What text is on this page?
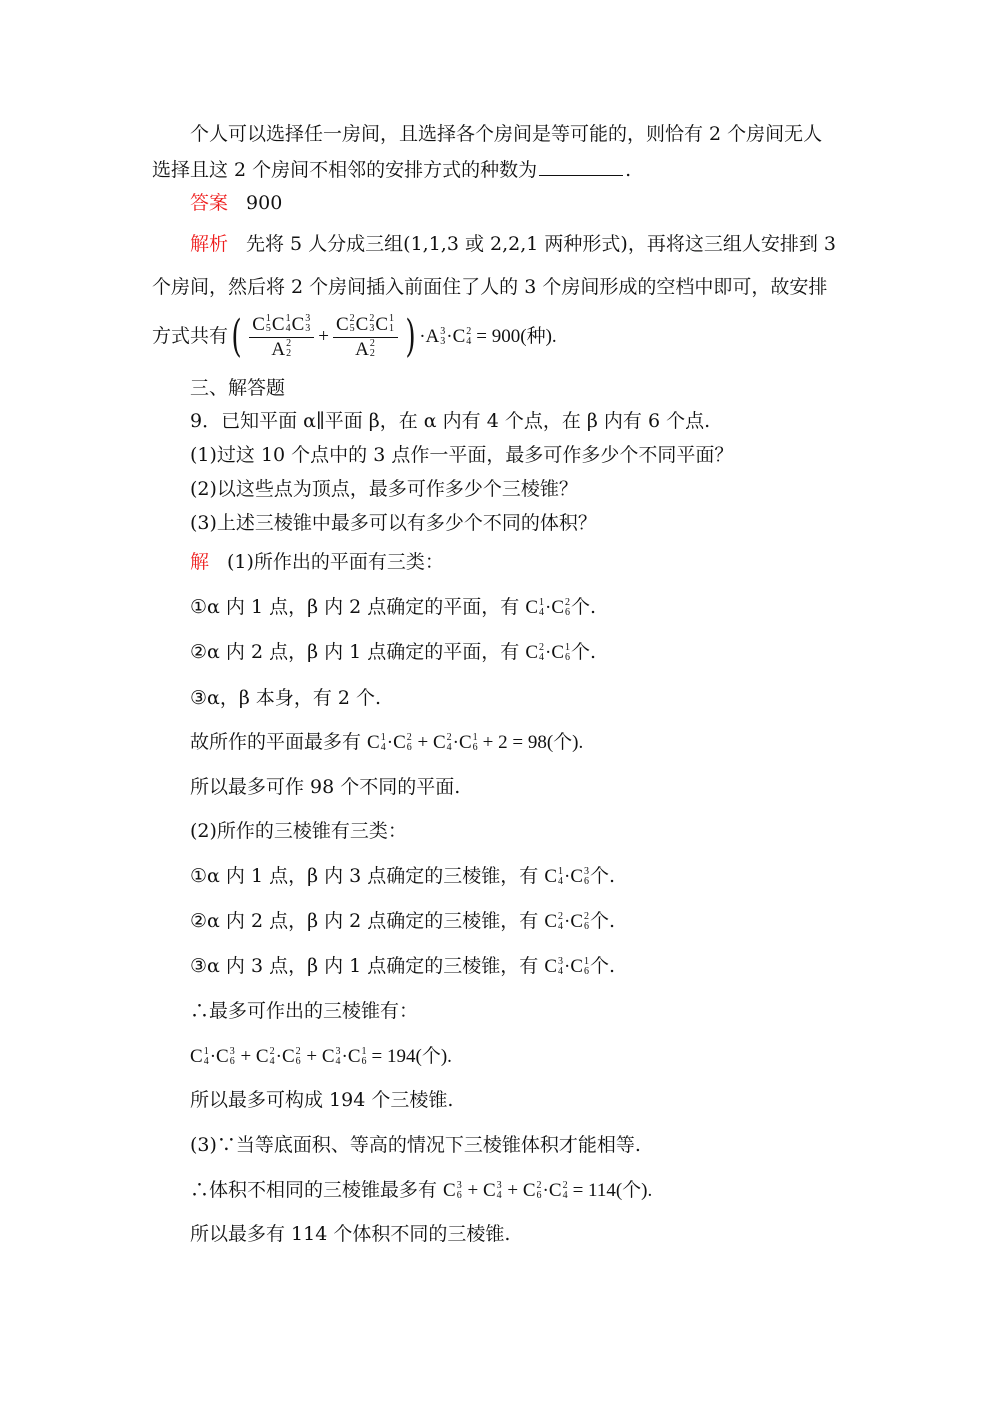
个人可以选择任一房间，且选择各个房间是等可能的，则恰有 2 个房间无人
选择且这 2 个房间不相邻的安排方式的种数为	.
答案 900
解析 先将 5 人分成三组(1,1,3 或 2,2,1 两种形式)，再将这三组人安排到 3
个房间，然后将 2 个房间插入前面住了人的 3 个房间形成的空档中即可，故安排
方式共有( C 1
5 C 1
4 C 3
3
A 2
2 + C 2
5 C 2
3 C 1
1
A 2
2 ) ·A 3
3 ·C 2
4 = 900(种).
三、解答题
9．已知平面 α∥平面 β，在 α 内有 4 个点，在 β 内有 6 个点.
(1)过这 10 个点中的 3 点作一平面，最多可作多少个不同平面？
(2)以这些点为顶点，最多可作多少个三棱锥？
(3)上述三棱锥中最多可以有多少个不同的体积？
解 (1)所作出的平面有三类：
①α 内 1 点，β 内 2 点确定的平面，有 C 1
4 ·C 2
6 个.
②α 内 2 点，β 内 1 点确定的平面，有 C 2
4 ·C 1
6 个.
③α，β 本身，有 2 个.
故所作的平面最多有 C 1
4 ·C 2
6 + C 2
4 ·C 1
6 + 2 = 98(个).
所以最多可作 98 个不同的平面.
(2)所作的三棱锥有三类：
①α 内 1 点，β 内 3 点确定的三棱锥，有 C 1
4 ·C 3
6 个.
②α 内 2 点，β 内 2 点确定的三棱锥，有 C 2
4 ·C 2
6 个.
③α 内 3 点，β 内 1 点确定的三棱锥，有 C 3
4 ·C 1
6 个.
∴最多可作出的三棱锥有：
C 1
4 ·C 3
6 + C 2
4 ·C 2
6 + C 3
4 ·C 1
6 = 194(个).
所以最多可构成 194 个三棱锥.
(3)∵当等底面积、等高的情况下三棱锥体积才能相等.
∴体积不相同的三棱锥最多有 C 3
6 + C 3
4 + C 2
6 ·C 2
4 = 114(个).
所以最多有 114 个体积不同的三棱锥.
